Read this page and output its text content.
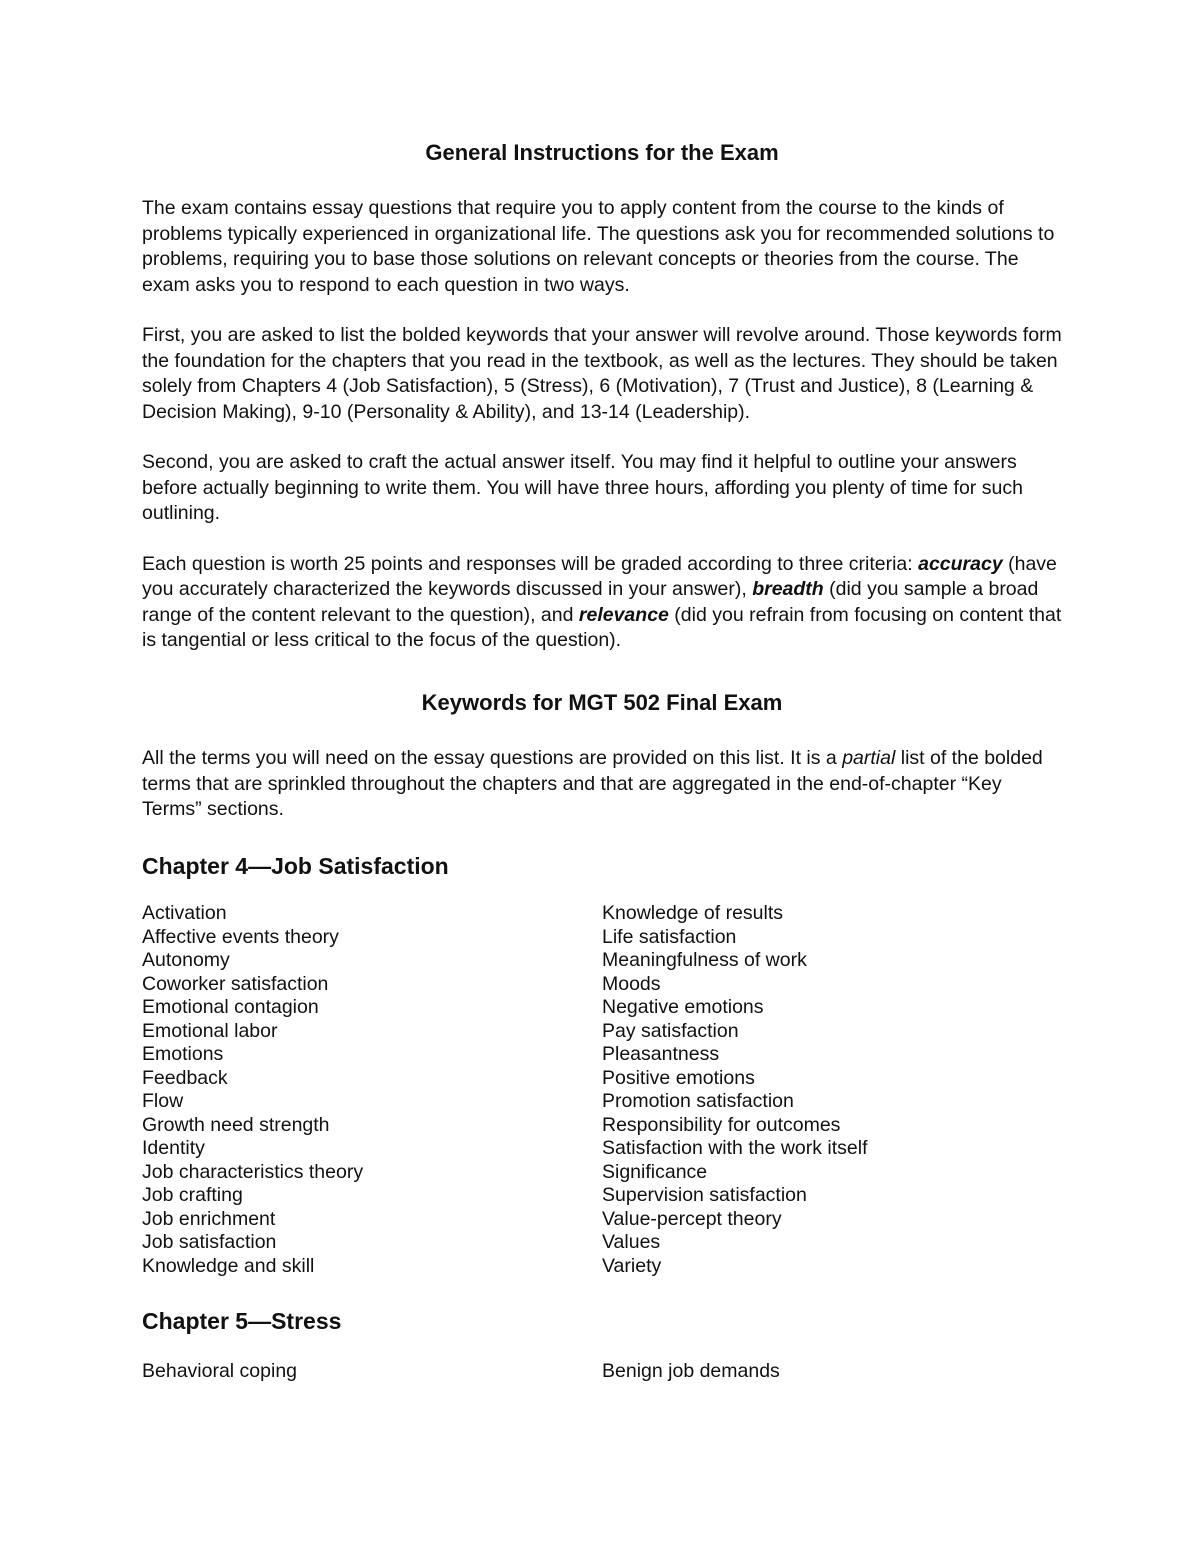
General Instructions for the Exam

The exam contains essay questions that require you to apply content from the course to the kinds of problems typically experienced in organizational life. The questions ask you for recommended solutions to problems, requiring you to base those solutions on relevant concepts or theories from the course. The exam asks you to respond to each question in two ways.

First, you are asked to list the bolded keywords that your answer will revolve around. Those keywords form the foundation for the chapters that you read in the textbook, as well as the lectures. They should be taken solely from Chapters 4 (Job Satisfaction), 5 (Stress), 6 (Motivation), 7 (Trust and Justice), 8 (Learning & Decision Making), 9-10 (Personality & Ability), and 13-14 (Leadership).

Second, you are asked to craft the actual answer itself. You may find it helpful to outline your answers before actually beginning to write them. You will have three hours, affording you plenty of time for such outlining.

Each question is worth 25 points and responses will be graded according to three criteria: accuracy (have you accurately characterized the keywords discussed in your answer), breadth (did you sample a broad range of the content relevant to the question), and relevance (did you refrain from focusing on content that is tangential or less critical to the focus of the question).

Keywords for MGT 502 Final Exam

All the terms you will need on the essay questions are provided on this list. It is a partial list of the bolded terms that are sprinkled throughout the chapters and that are aggregated in the end-of-chapter “Key Terms” sections.

Chapter 4—Job Satisfaction
Activation
Affective events theory
Autonomy
Coworker satisfaction
Emotional contagion
Emotional labor
Emotions
Feedback
Flow
Growth need strength
Identity
Job characteristics theory
Job crafting
Job enrichment
Job satisfaction
Knowledge and skill
Knowledge of results
Life satisfaction
Meaningfulness of work
Moods
Negative emotions
Pay satisfaction
Pleasantness
Positive emotions
Promotion satisfaction
Responsibility for outcomes
Satisfaction with the work itself
Significance
Supervision satisfaction
Value-percept theory
Values
Variety
Chapter 5—Stress
Behavioral coping	Benign job demands
